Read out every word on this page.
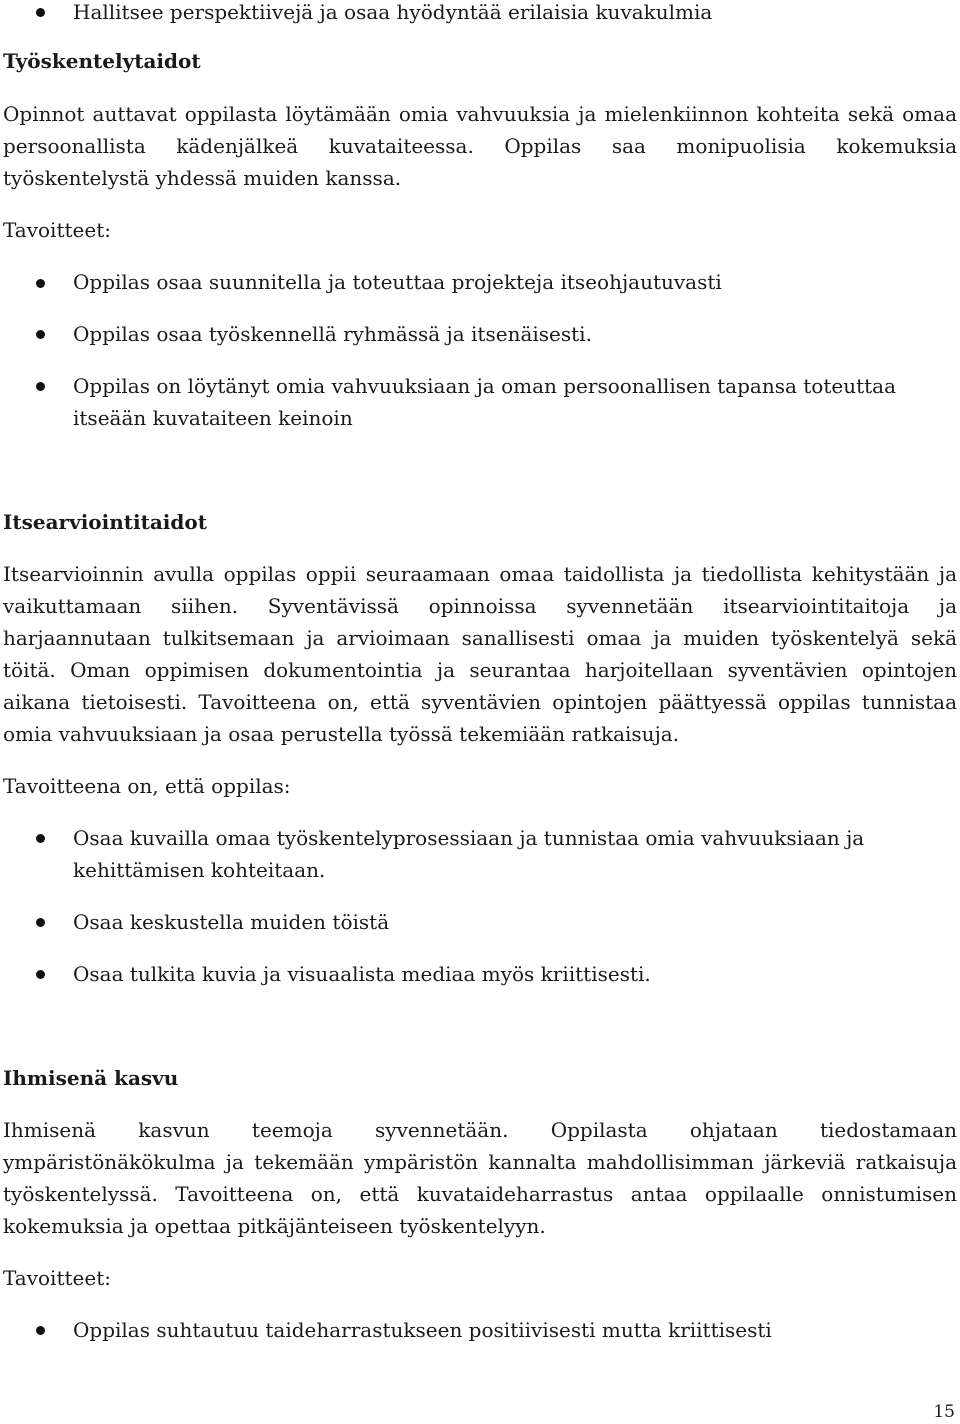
Hallitsee perspektiivejä ja osaa hyödyntää erilaisia kuvakulmia

Työskentelytaidot

Opinnot auttavat oppilasta löytämään omia vahvuuksia ja mielenkiinnon kohteita sekä omaa

persoonallista kädenjälkeä kuvataiteessa. Oppilas saa monipuolisia kokemuksia

työskentelystä yhdessä muiden kanssa.

Tavoitteet:

Oppilas osaa suunnitella ja toteuttaa projekteja itseohjautuvasti

Oppilas osaa työskennellä ryhmässä ja itsenäisesti.

Oppilas on löytänyt omia vahvuuksiaan ja oman persoonallisen tapansa toteuttaa

itseään kuvataiteen keinoin

Itsearviointitaidot

Itsearvioinnin avulla oppilas oppii seuraamaan omaa taidollista ja tiedollista kehitystään ja

vaikuttamaan siihen. Syventävissä opinnoissa syvennetään itsearviointitaitoja ja

harjaannutaan tulkitsemaan ja arvioimaan sanallisesti omaa ja muiden työskentelyä sekä

töitä. Oman oppimisen dokumentointia ja seurantaa harjoitellaan syventävien opintojen

aikana tietoisesti. Tavoitteena on, että syventävien opintojen päättyessä oppilas tunnistaa

omia vahvuuksiaan ja osaa perustella työssä tekemiään ratkaisuja.

Tavoitteena on, että oppilas:

Osaa kuvailla omaa työskentelyprosessiaan ja tunnistaa omia vahvuuksiaan ja

kehittämisen kohteitaan.

Osaa keskustella muiden töistä

Osaa tulkita kuvia ja visuaalista mediaa myös kriittisesti.

Ihmisenä kasvu

Ihmisenä kasvun teemoja syvennetään. Oppilasta ohjataan tiedostamaan

ympäristönäkökulma ja tekemään ympäristön kannalta mahdollisimman järkeviä ratkaisuja

työskentelyssä. Tavoitteena on, että kuvataideharrastus antaa oppilaalle onnistumisen

kokemuksia ja opettaa pitkäjänteiseen työskentelyyn.

Tavoitteet:

Oppilas suhtautuu taideharrastukseen positiivisesti mutta kriittisesti

15
